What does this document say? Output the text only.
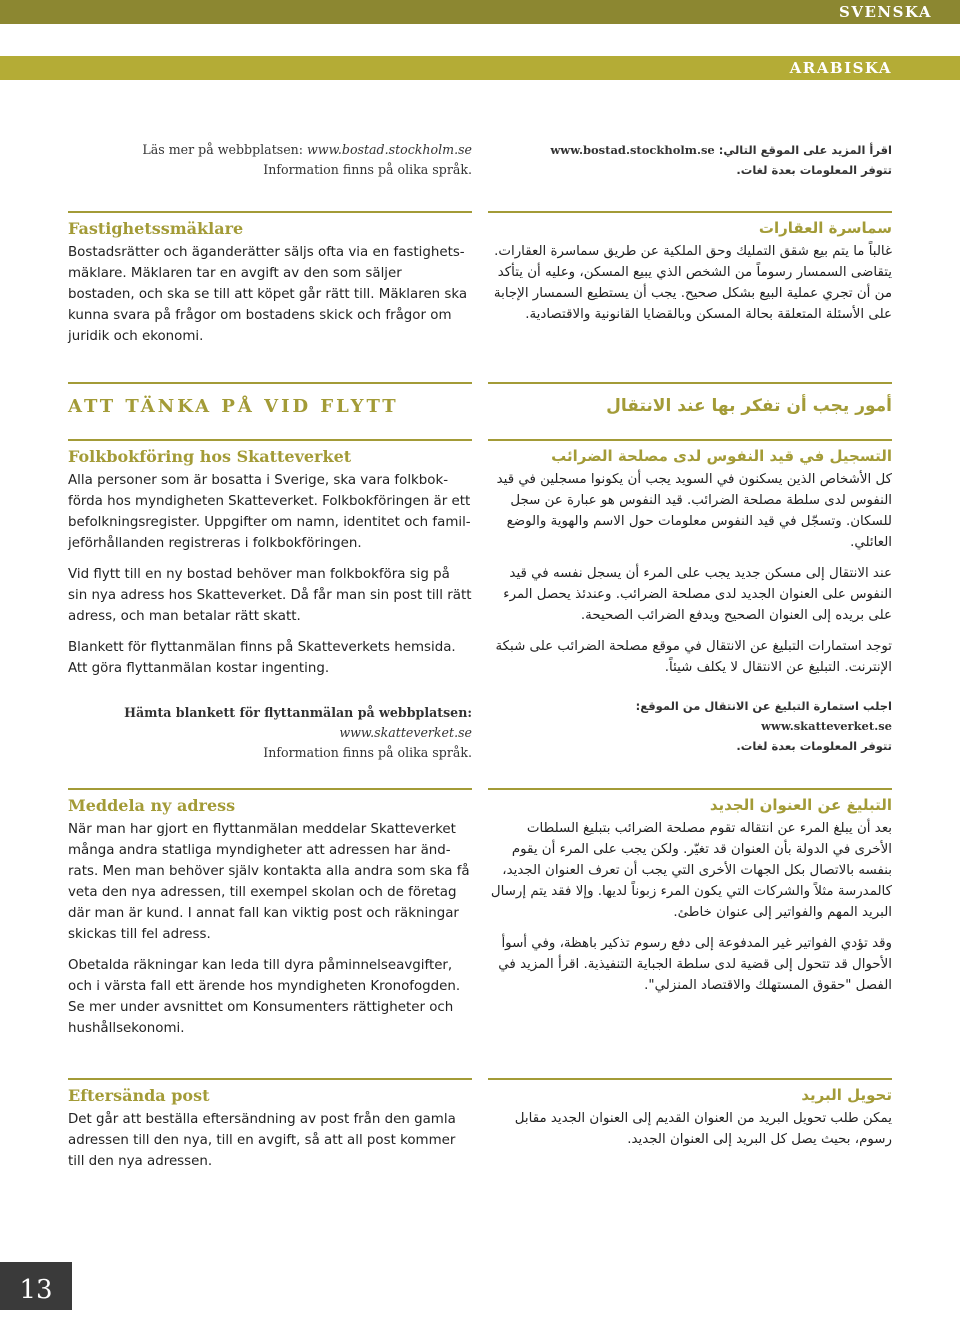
SVENSKA
ARABISKA
Läs mer på webbplatsen: www.bostad.stockholm.se
Information finns på olika språk.
اقرأ المزيد على الموقع التالي: www.bostad.stockholm.se
تتوفر المعلومات بعدة لغات.
Fastighetssmäklare

Bostadsrätter och äganderätter säljs ofta via en fastighets-mäklare. Mäklaren tar en avgift av den som säljer bostaden, och ska se till att köpet går rätt till. Mäklaren ska kunna svara på frågor om bostadens skick och frågor om juridik och ekonomi.

سماسرة العقارات

غالباً ما يتم بيع شقق التمليك وحق الملكية عن طريق سماسرة العقارات. يتقاضى السمسار رسوماً من الشخص الذي يبيع المسكن، وعليه أن يتأكد من أن تجري عملية البيع بشكل صحيح. يجب أن يستطيع السمسار الإجابة على الأسئلة المتعلقة بحالة المسكن وبالقضايا القانونية والاقتصادية.

ATT TÄNKA PÅ VID FLYTT	أمور يجب أن تفكر بها عند الانتقال
Folkbokföring hos Skatteverket

Alla personer som är bosatta i Sverige, ska vara folkbok-förda hos myndigheten Skatteverket. Folkbokföringen är ett befolkningsregister. Uppgifter om namn, identitet och famil-jeförhållanden registreras i folkbokföringen.

Vid flytt till en ny bostad behöver man folkbokföra sig på sin nya adress hos Skatteverket. Då får man sin post till rätt adress, och man betalar rätt skatt.

Blankett för flyttanmälan finns på Skatteverkets hemsida. Att göra flyttanmälan kostar ingenting.

Hämta blankett för flyttanmälan på webbplatsen:
www.skatteverket.se
Information finns på olika språk.
التسجيل في قيد النفوس لدى مصلحة الضرائب

كل الأشخاص الذين يسكنون في السويد يجب أن يكونوا مسجلين في قيد النفوس لدى سلطة مصلحة الضرائب. قيد النفوس هو عبارة عن سجل للسكان. وتسجّل في قيد النفوس معلومات حول الاسم والهوية والوضع العائلي.

عند الانتقال إلى مسكن جديد يجب على المرء أن يسجل نفسه في قيد النفوس على العنوان الجديد لدى مصلحة الضرائب. وعندئذ يحصل المرء على بريده إلى العنوان الصحيح ويدفع الضرائب الصحيحة.

توجد استمارات التبليغ عن الانتقال في موقع مصلحة الضرائب على شبكة الإنترنت. التبليغ عن الانتقال لا يكلف شيئاً.

اجلب استمارة التبليغ عن الانتقال من الموقع:
www.skatteverket.se
تتوفر المعلومات بعدة لغات.
Meddela ny adress

När man har gjort en flyttanmälan meddelar Skatteverket många andra statliga myndigheter att adressen har änd-rats. Men man behöver själv kontakta alla andra som ska få veta den nya adressen, till exempel skolan och de företag där man är kund. I annat fall kan viktig post och räkningar skickas till fel adress.

Obetalda räkningar kan leda till dyra påminnelseavgifter, och i värsta fall ett ärende hos myndigheten Kronofogden. Se mer under avsnittet om Konsumenters rättigheter och hushållsekonomi.

التبليغ عن العنوان الجديد

بعد أن يبلغ المرء عن انتقاله تقوم مصلحة الضرائب بتبليغ السلطات الأخرى في الدولة بأن العنوان قد تغيّر. ولكن يجب على المرء أن يقوم بنفسه بالاتصال بكل الجهات الأخرى التي يجب أن تعرف العنوان الجديد، كالمدرسة مثلاً والشركات التي يكون المرء زبوناً لديها. وإلا فقد يتم إرسال البريد المهم والفواتير إلى عنوان خاطئ.

وقد تؤدي الفواتير غير المدفوعة إلى دفع رسوم تذكير باهظة، وفي أسوأ الأحوال قد تتحول إلى قضية لدى سلطة الجباية التنفيذية. اقرأ المزيد في الفصل "حقوق المستهلك والاقتصاد المنزلي".

Eftersända post

Det går att beställa eftersändning av post från den gamla adressen till den nya, till en avgift, så att all post kommer till den nya adressen.

تحويل البريد

يمكن طلب تحويل البريد من العنوان القديم إلى العنوان الجديد مقابل رسوم، بحيث يصل كل البريد إلى العنوان الجديد.

13
